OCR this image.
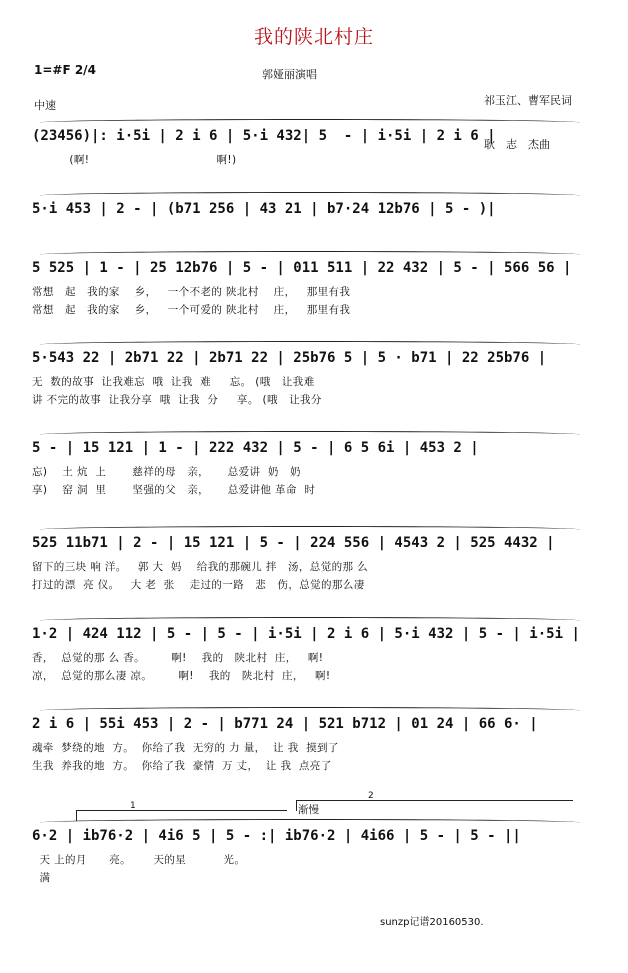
我的陕北村庄
1=#F 2/4
中速
郭娅丽演唱

祁玉江、曹军民词

耿　志　杰曲

(23456)|: i·5i | 2 i 6 | 5·i 432| 5  - | i·5i | 2 i 6 |
(啊!                                  啊!)
5·i 453 | 2 - | (b71 256 | 43 21 | b7·24 12b76 | 5 - )|
5 525 | 1 - | 25 12b76 | 5 - | 011 511 | 22 432 | 5 - | 566 56 |
常想   起   我的家    乡，   一个不老的 陕北村    庄，   那里有我
常想   起   我的家    乡，   一个可爱的 陕北村    庄，   那里有我
5·543 22 | 2b71 22 | 2b71 22 | 25b76 5 | 5 · b71 | 22 25b76 |
无  数的故事  让我难忘  哦  让我  难     忘。 (哦   让我难
讲 不完的故事  让我分享  哦  让我  分     享。 (哦   让我分
5 - | 15 121 | 1 - | 222 432 | 5 - | 6 5 6i | 453 2 |
忘)    土 炕  上       慈祥的母   亲，     总爱讲  奶   奶
享)    窑 洞  里       坚强的父   亲，     总爱讲他 革命  时
525 11b71 | 2 - | 15 121 | 5 - | 224 556 | 4543 2 | 525 4432 |
留下的三块 响 洋。   郭 大  妈    给我的那碗儿 拌   汤，总觉的那 么
打过的漂  亮 仪。   大 老  张    走过的一路   悲   伤，总觉的那么凄
1·2 | 424 112 | 5 - | 5 - | i·5i | 2 i 6 | 5·i 432 | 5 - | i·5i |
香，  总觉的那 么 香。       啊!    我的   陕北村  庄，   啊!
凉，  总觉的那么凄 凉。       啊!    我的   陕北村  庄，   啊!
2 i 6 | 55i 453 | 2 - | b771 24 | 521 b712 | 01 24 | 66 6· |
魂牵  梦绕的地  方。  你给了我  无穷的 力 量，  让 我  摸到了
生我  养我的地  方。  你给了我  豪情  万 丈，  让 我  点亮了
6·2 | ib76·2 | 4i6 5 | 5 - :| ib76·2 | 4i66 | 5 - | 5 - ||
天 上的月      亮。      天的星          光。
满
1
2
渐慢
sunzp记谱20160530.
